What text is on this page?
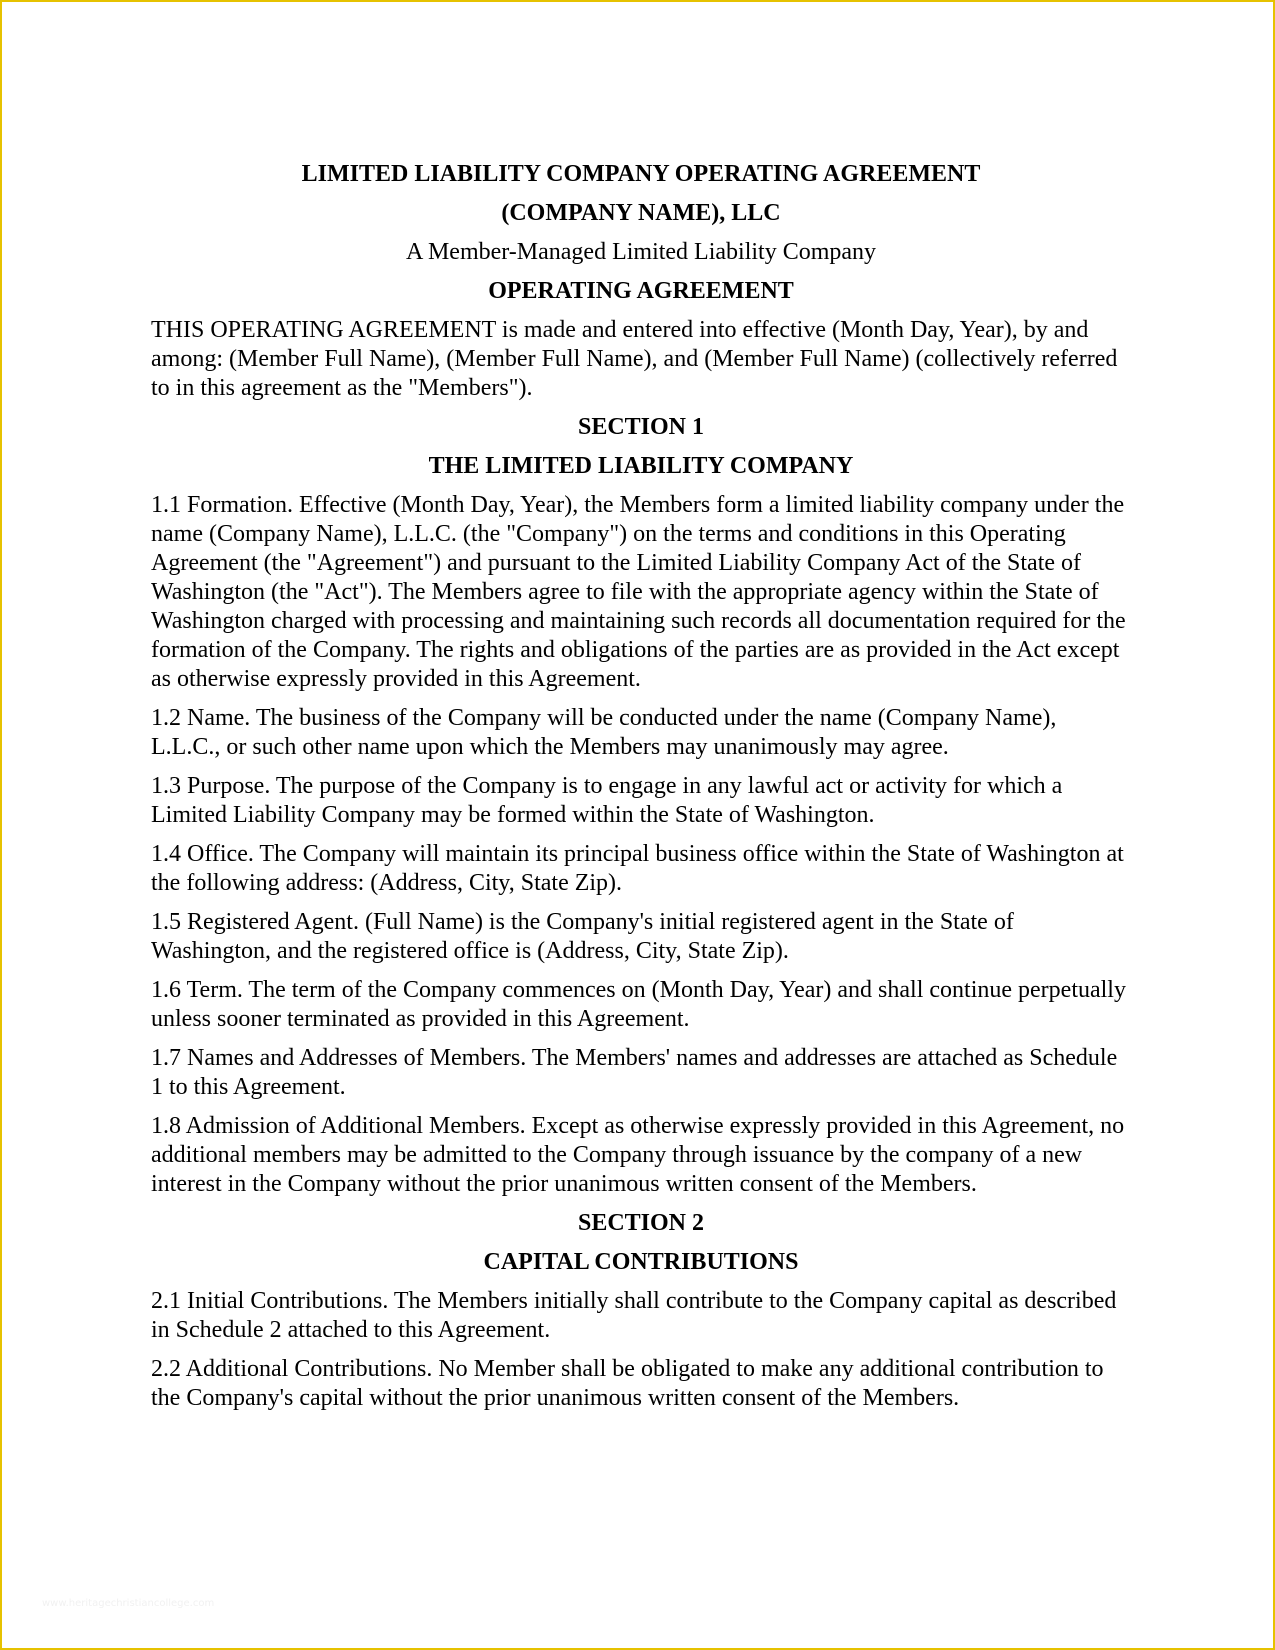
LIMITED LIABILITY COMPANY OPERATING AGREEMENT
(COMPANY NAME), LLC
A Member-Managed Limited Liability Company
OPERATING AGREEMENT

THIS OPERATING AGREEMENT is made and entered into effective (Month Day, Year), by and among: (Member Full Name), (Member Full Name), and (Member Full Name) (collectively referred to in this agreement as the "Members").

SECTION 1
THE LIMITED LIABILITY COMPANY

1.1 Formation. Effective (Month Day, Year), the Members form a limited liability company under the name (Company Name), L.L.C. (the "Company") on the terms and conditions in this Operating Agreement (the "Agreement") and pursuant to the Limited Liability Company Act of the State of Washington (the "Act"). The Members agree to file with the appropriate agency within the State of Washington charged with processing and maintaining such records all documentation required for the formation of the Company. The rights and obligations of the parties are as provided in the Act except as otherwise expressly provided in this Agreement.

1.2 Name. The business of the Company will be conducted under the name (Company Name), L.L.C., or such other name upon which the Members may unanimously may agree.

1.3 Purpose. The purpose of the Company is to engage in any lawful act or activity for which a Limited Liability Company may be formed within the State of Washington.

1.4 Office. The Company will maintain its principal business office within the State of Washington at the following address: (Address, City, State Zip).

1.5 Registered Agent. (Full Name) is the Company's initial registered agent in the State of Washington, and the registered office is (Address, City, State Zip).

1.6 Term. The term of the Company commences on (Month Day, Year) and shall continue perpetually unless sooner terminated as provided in this Agreement.

1.7 Names and Addresses of Members. The Members' names and addresses are attached as Schedule 1 to this Agreement.

1.8 Admission of Additional Members. Except as otherwise expressly provided in this Agreement, no additional members may be admitted to the Company through issuance by the company of a new interest in the Company without the prior unanimous written consent of the Members.

SECTION 2
CAPITAL CONTRIBUTIONS

2.1 Initial Contributions. The Members initially shall contribute to the Company capital as described in Schedule 2 attached to this Agreement.

2.2 Additional Contributions. No Member shall be obligated to make any additional contribution to the Company's capital without the prior unanimous written consent of the Members.

www.heritagechristiancollege.com
